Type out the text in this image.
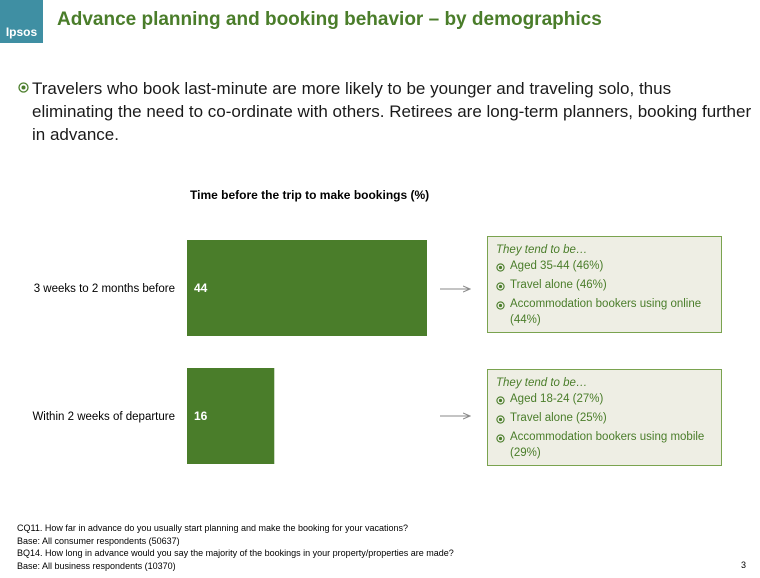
Ipsos
Advance planning and booking behavior – by demographics
Travelers who book last-minute are more likely to be younger and traveling solo, thus eliminating the need to co-ordinate with others. Retirees are long-term planners, booking further in advance.
Time before the trip to make bookings (%)
44
3 weeks to 2 months before
16
Within 2 weeks of departure
They tend to be…
Aged 35-44 (46%)
Travel alone (46%)
Accommodation bookers using online (44%)
They tend to be…
Aged 18-24 (27%)
Travel alone (25%)
Accommodation bookers using mobile (29%)
CQ11. How far in advance do you usually start planning and make the booking for your vacations?
Base: All consumer respondents (50637)
BQ14. How long in advance would you say the majority of the bookings in your property/properties are made?
Base: All business respondents (10370)	3
